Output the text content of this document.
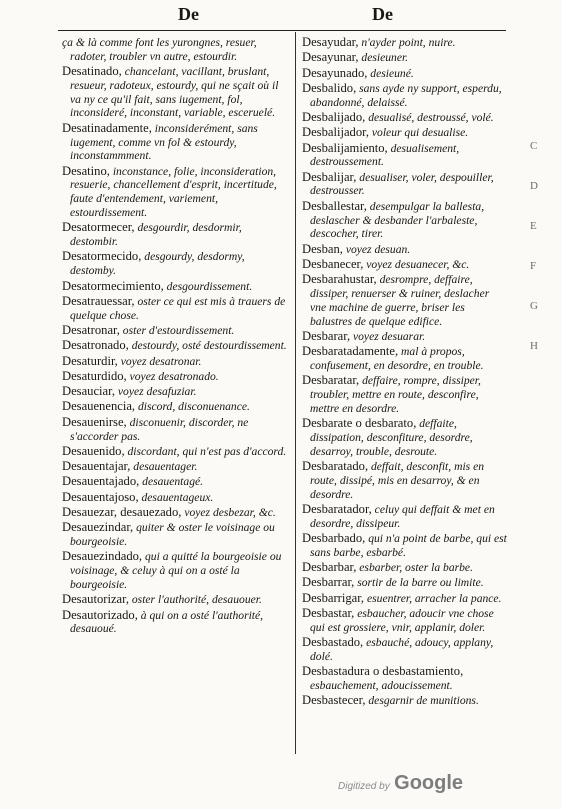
De	De
ça & là comme font les yurongnes, resuer, radoter, troubler vn autre, estourdir.
Desatinado, chancelant, vacillant, bruslant, resueur, radoteux, estourdy, qui ne sçait où il va ny ce qu'il fait, sans iugement, fol, inconsideré, inconstant, variable, esceruelé.
Desatinadamente, inconsiderément, sans iugement, comme vn fol & estourdy, inconstammment.
Desatino, inconstance, folie, inconsideration, resuerie, chancellement d'esprit, incertitude, faute d'entendement, variement, estourdissement.
Desatormecer, desgourdir, desdormir, destombir.
Desatormecido, desgourdy, desdormy, destomby.
Desatormecimiento, desgourdissement.
Desatrauessar, oster ce qui est mis à trauers de quelque chose.
Desatronar, oster d'estourdissement.
Desatronado, destourdy, osté destourdissement.
Desaturdir, voyez desatronar.
Desaturdido, voyez desatronado.
Desauciar, voyez desafuziar.
Desauenencia, discord, disconuenance.
Desauenirse, disconuenir, discorder, ne s'accorder pas.
Desauenido, discordant, qui n'est pas d'accord.
Desauentajar, desauentager.
Desauentajado, desauentagé.
Desauentajoso, desauentageux.
Desauezar, desauezado, voyez desbezar, &c.
Desauezindar, quiter & oster le voisinage ou bourgeoisie.
Desauezindado, qui a quitté la bourgeoisie ou voisinage, & celuy à qui on a osté la bourgeoisie.
Desautorizar, oster l'authorité, desauouer.
Desautorizado, à qui on a osté l'authorité, desauoué.
Desayudar, n'ayder point, nuire.
Desayunar, desieuner.
Desayunado, desieuné.
Desbalido, sans ayde ny support, esperdu, abandonné, delaissé.
Desbalijado, desualisé, destroussé, volé.
Desbalijador, voleur qui desualise.
Desbalijamiento, desualisement, destroussement.
Desbalijar, desualiser, voler, despouiller, destrousser.
Desballestar, desempulgar la ballesta, deslascher & desbander l'arbaleste, descocher, tirer.
Desban, voyez desuan.
Desbanecer, voyez desuanecer, &c.
Desbarahustar, desrompre, deffaire, dissiper, renuerser & ruiner, deslacher vne machine de guerre, briser les balustres de quelque edifice.
Desbarar, voyez desuarar.
Desbaratadamente, mal à propos, confusement, en desordre, en trouble.
Desbaratar, deffaire, rompre, dissiper, troubler, mettre en route, desconfire, mettre en desordre.
Desbarate o desbarato, deffaite, dissipation, desconfiture, desordre, desarroy, trouble, desroute.
Desbaratado, deffait, desconfit, mis en route, dissipé, mis en desarroy, & en desordre.
Desbaratador, celuy qui deffait & met en desordre, dissipeur.
Desbarbado, qui n'a point de barbe, qui est sans barbe, esbarbé.
Desbarbar, esbarber, oster la barbe.
Desbarrar, sortir de la barre ou limite.
Desbarrigar, esuentrer, arracher la pance.
Desbastar, esbaucher, adoucir vne chose qui est grossiere, vnir, applanir, doler.
Desbastado, esbauché, adoucy, applany, dolé.
Desbastadura o desbastamiento, esbauchement, adoucissement.
Desbastecer, desgarnir de munitions.
C
D
E
F
G
H
Digitized by Google
